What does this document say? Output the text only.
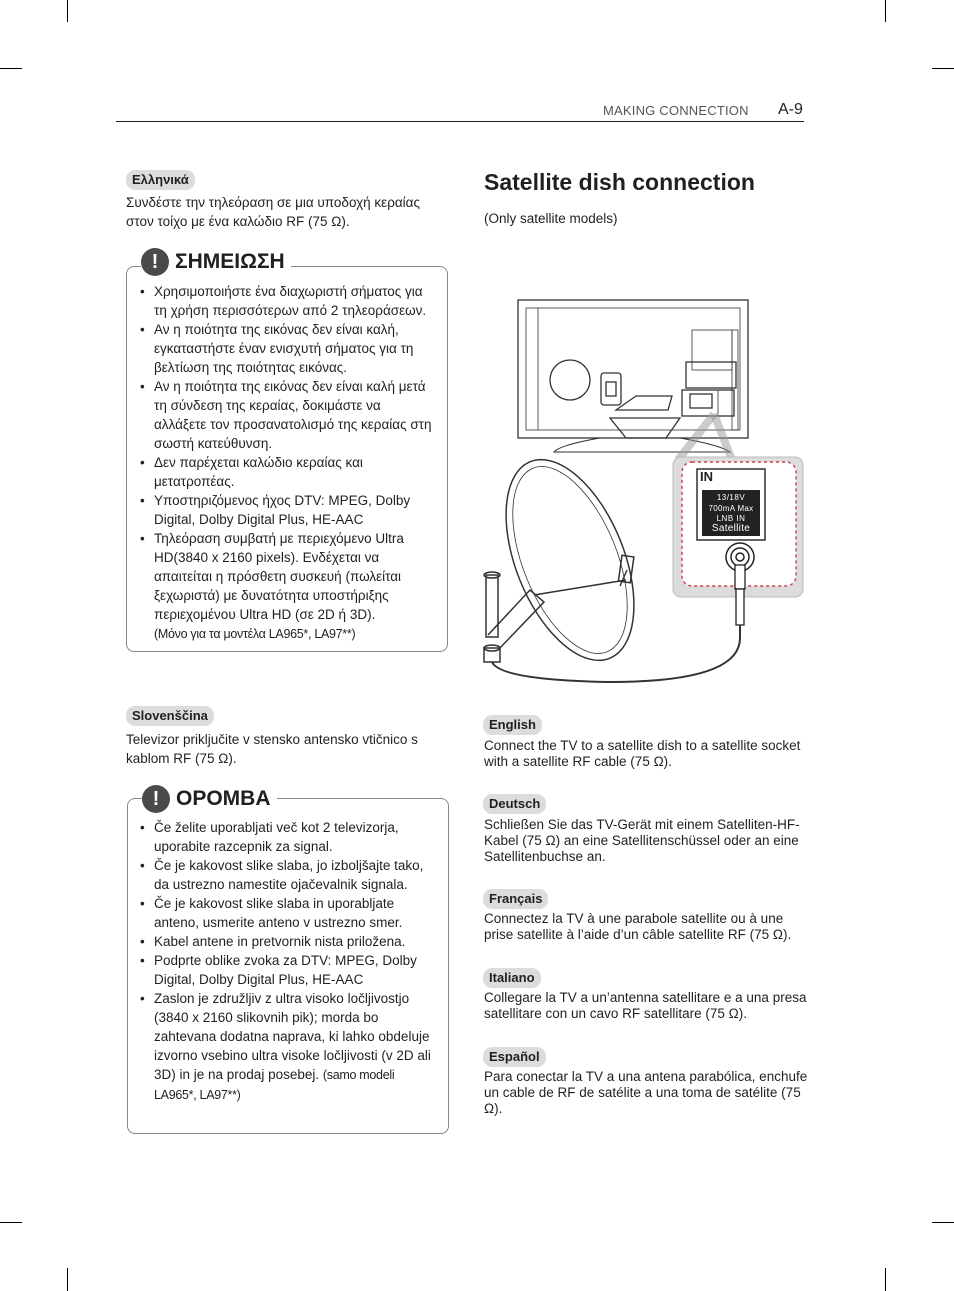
MAKING CONNECTION A-9
Ελληνικά
Συνδέστε την τηλεόραση σε μια υποδοχή κεραίας στον τοίχο με ένα καλώδιο RF (75 Ω).
! ΣΗΜΕΙΩΣΗ
• Χρησιμοποιήστε ένα διαχωριστή σήματος για τη χρήση περισσότερων από 2 τηλεοράσεων.
• Αν η ποιότητα της εικόνας δεν είναι καλή, εγκαταστήστε έναν ενισχυτή σήματος για τη βελτίωση της ποιότητας εικόνας.
• Αν η ποιότητα της εικόνας δεν είναι καλή μετά τη σύνδεση της κεραίας, δοκιμάστε να αλλάξετε τον προσανατολισμό της κεραίας στη σωστή κατεύθυνση.
• Δεν παρέχεται καλώδιο κεραίας και μετατροπέας.
• Υποστηριζόμενος ήχος DTV: MPEG, Dolby Digital, Dolby Digital Plus, HE-AAC
• Τηλεόραση συμβατή με περιεχόμενο Ultra HD(3840 x 2160 pixels). Ενδέχεται να απαιτείται η πρόσθετη συσκευή (πωλείται ξεχωριστά) με δυνατότητα υποστήριξης περιεχομένου Ultra HD (σε 2D ή 3D).
(Μόνο για τα μοντέλα LA965*, LA97**)
Slovenščina
Televizor priključite v stensko antensko vtičnico s kablom RF (75 Ω).
! OPOMBA
• Če želite uporabljati več kot 2 televizorja, uporabite razcepnik za signal.
• Če je kakovost slike slaba, jo izboljšajte tako, da ustrezno namestite ojačevalnik signala.
• Če je kakovost slike slaba in uporabljate anteno, usmerite anteno v ustrezno smer.
• Kabel antene in pretvornik nista priložena.
• Podprte oblike zvoka za DTV: MPEG, Dolby Digital, Dolby Digital Plus, HE-AAC
• Zaslon je združljiv z ultra visoko ločljivostjo (3840 x 2160 slikovnih pik); morda bo zahtevana dodatna naprava, ki lahko obdeluje izvorno vsebino ultra visoke ločljivosti (v 2D ali 3D) in je na prodaj posebej. (samo modeli LA965*, LA97**)
Satellite dish connection
(Only satellite models)
IN
13/18V
700mA Max
LNB IN
Satellite
English
Connect the TV to a satellite dish to a satellite socket with a satellite RF cable (75 Ω).
Deutsch
Schließen Sie das TV-Gerät mit einem Satelliten-HF-Kabel (75 Ω) an eine Satellitenschüssel oder an eine Satellitenbuchse an.
Français
Connectez la TV à une parabole satellite ou à une prise satellite à l’aide d’un câble satellite RF (75 Ω).
Italiano
Collegare la TV a un’antenna satellitare e a una presa satellitare con un cavo RF satellitare (75 Ω).
Español
Para conectar la TV a una antena parabólica, enchufe un cable de RF de satélite a una toma de satélite (75 Ω).
